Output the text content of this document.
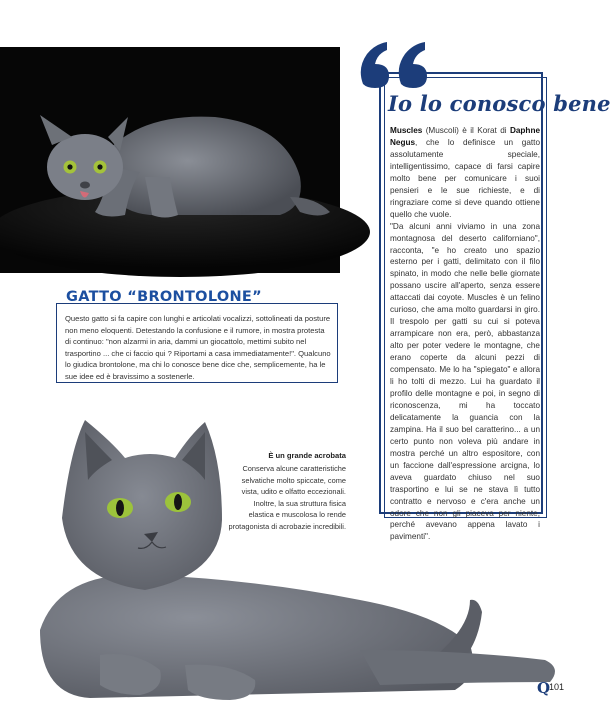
Io lo conosco bene

Muscles (Muscoli) è il Korat di Daphne Negus, che lo definisce un gatto assolutamente speciale, intelligentissimo, capace di farsi capire molto bene per comunicare i suoi pensieri e le sue richieste, e di ringraziare come si deve quando ottiene quello che vuole.

"Da alcuni anni viviamo in una zona montagnosa del deserto californiano", racconta, "e ho creato uno spazio esterno per i gatti, delimitato con il filo spinato, in modo che nelle belle giornate possano uscire all'aperto, senza essere attaccati dai coyote. Muscles è un felino curioso, che ama molto guardarsi in giro. Il trespolo per gatti su cui si poteva arrampicare non era, però, abbastanza alto per poter vedere le montagne, che erano coperte da alcuni pezzi di compensato. Me lo ha "spiegato" e allora li ho tolti di mezzo. Lui ha guardato il profilo delle montagne e poi, in segno di riconoscenza, mi ha toccato delicatamente la guancia con la zampina. Ha il suo bel caratterino... a un certo punto non voleva più andare in mostra perché un altro espositore, con un faccione dall'espressione arcigna, lo aveva guardato chiuso nel suo trasportino e lui se ne stava lì tutto contratto e nervoso e c'era anche un odore che non gli piaceva per niente, perché avevano appena lavato i pavimenti".

GATTO “BRONTOLONE”
Questo gatto si fa capire con lunghi e articolati vocalizzi, sottolineati da posture non meno eloquenti. Detestando la confusione e il rumore, in mostra protesta di continuo: "non alzarmi in aria, dammi un giocattolo, mettimi subito nel trasportino ... che ci faccio qui ? Riportami a casa immediatamente!". Qualcuno lo giudica brontolone, ma chi lo conosce bene dice che, semplicemente, ha le sue idee ed è bravissimo a sostenerle.
È un grande acrobata
Conserva alcune caratteristiche selvatiche molto spiccate, come vista, udito e olfatto eccezionali. Inoltre, la sua struttura fisica elastica e muscolosa lo rende protagonista di acrobazie incredibili.
Q
101
